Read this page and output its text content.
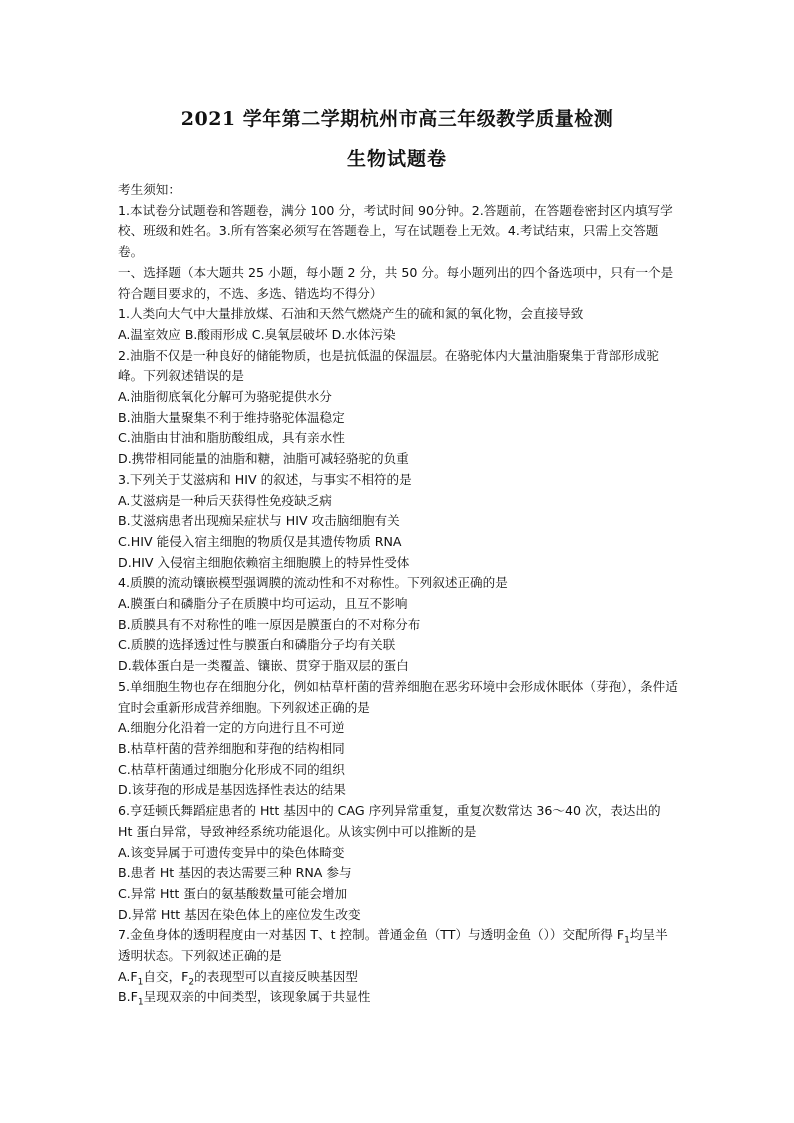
2021 学年第二学期杭州市高三年级教学质量检测
生物试题卷

考生须知：

1.本试卷分试题卷和答题卷，满分 100 分，考试时间 90分钟。2.答题前，在答题卷密封区内填写学校、班级和姓名。3.所有答案必须写在答题卷上，写在试题卷上无效。4.考试结束，只需上交答题卷。

一、选择题（本大题共 25 小题，每小题 2 分，共 50 分。每小题列出的四个备选项中，只有一个是符合题目要求的，不选、多选、错选均不得分）

1.人类向大气中大量排放煤、石油和天然气燃烧产生的硫和氮的氧化物，会直接导致

A.温室效应 B.酸雨形成 C.臭氧层破坏 D.水体污染

2.油脂不仅是一种良好的储能物质，也是抗低温的保温层。在骆驼体内大量油脂聚集于背部形成驼峰。下列叙述错误的是

A.油脂彻底氧化分解可为骆驼提供水分

B.油脂大量聚集不利于维持骆驼体温稳定

C.油脂由甘油和脂肪酸组成，具有亲水性

D.携带相同能量的油脂和糖，油脂可减轻骆驼的负重

3.下列关于艾滋病和 HIV 的叙述，与事实不相符的是

A.艾滋病是一种后天获得性免疫缺乏病

B.艾滋病患者出现痴呆症状与 HIV 攻击脑细胞有关

C.HIV 能侵入宿主细胞的物质仅是其遗传物质 RNA

D.HIV 入侵宿主细胞依赖宿主细胞膜上的特异性受体

4.质膜的流动镶嵌模型强调膜的流动性和不对称性。下列叙述正确的是

A.膜蛋白和磷脂分子在质膜中均可运动，且互不影响

B.质膜具有不对称性的唯一原因是膜蛋白的不对称分布

C.质膜的选择透过性与膜蛋白和磷脂分子均有关联

D.载体蛋白是一类覆盖、镶嵌、贯穿于脂双层的蛋白

5.单细胞生物也存在细胞分化，例如枯草杆菌的营养细胞在恶劣环境中会形成休眠体（芽孢），条件适宜时会重新形成营养细胞。下列叙述正确的是

A.细胞分化沿着一定的方向进行且不可逆

B.枯草杆菌的营养细胞和芽孢的结构相同

C.枯草杆菌通过细胞分化形成不同的组织

D.该芽孢的形成是基因选择性表达的结果

6.亨廷顿氏舞蹈症患者的 Htt 基因中的 CAG 序列异常重复，重复次数常达 36～40 次，表达出的 Ht 蛋白异常，导致神经系统功能退化。从该实例中可以推断的是

A.该变异属于可遗传变异中的染色体畸变

B.患者 Ht 基因的表达需要三种 RNA 参与

C.异常 Htt 蛋白的氨基酸数量可能会增加

D.异常 Htt 基因在染色体上的座位发生改变

7.金鱼身体的透明程度由一对基因 T、t 控制。普通金鱼（TT）与透明金鱼（））交配所得 $F_1$均呈半透明状态。下列叙述正确的是

$A.F_1$自交，$F_2$的表现型可以直接反映基因型

$B.F_1$呈现双亲的中间类型，该现象属于共显性
